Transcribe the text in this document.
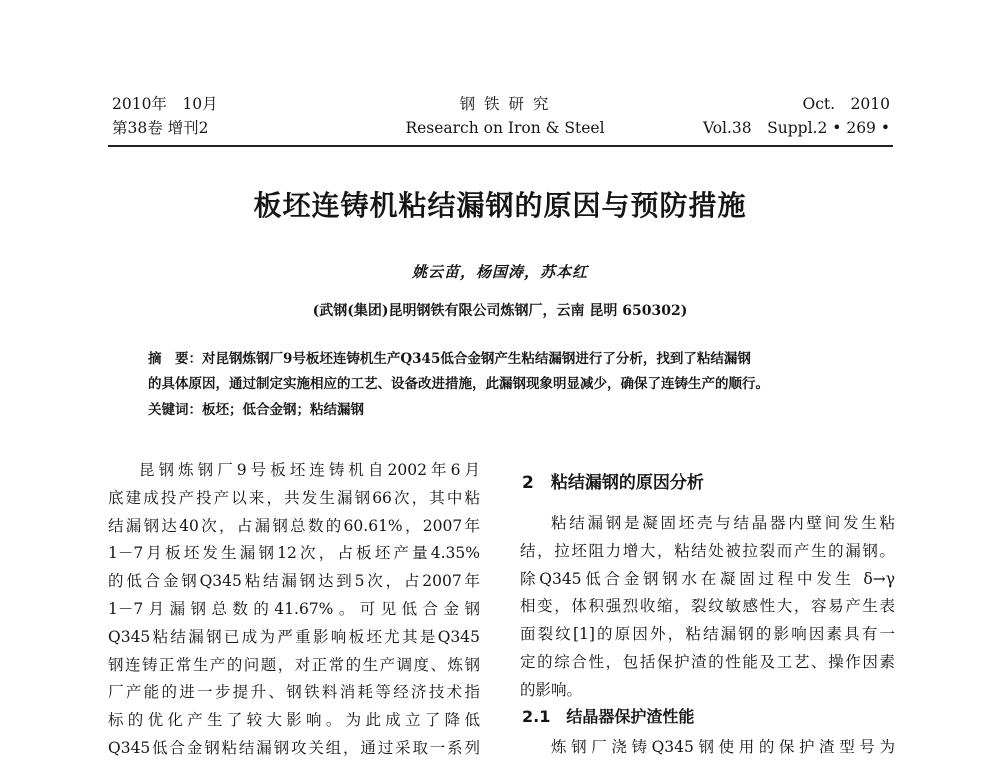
2010年　10月
第38卷 增刊2
钢 铁 研 究
Research on Iron & Steel
Oct.　2010
Vol.38　Suppl.2 • 269 •
板坯连铸机粘结漏钢的原因与预防措施
姚云苗，杨国涛，苏本红
(武钢(集团)昆明钢铁有限公司炼钢厂，云南 昆明 650302)
摘　要：对昆钢炼钢厂9号板坯连铸机生产Q345低合金钢产生粘结漏钢进行了分析，找到了粘结漏钢
的具体原因，通过制定实施相应的工艺、设备改进措施，此漏钢现象明显减少，确保了连铸生产的顺行。
关键词：板坯；低合金钢；粘结漏钢
昆钢炼钢厂9号板坯连铸机自2002年6月
底建成投产投产以来，共发生漏钢66次，其中粘
结漏钢达40次，占漏钢总数的60.61%，2007年
1－7月板坯发生漏钢12次，占板坯产量4.35%
的低合金钢Q345粘结漏钢达到5次，占2007年
1－7月漏钢总数的41.67%。可见低合金钢
Q345粘结漏钢已成为严重影响板坯尤其是Q345
钢连铸正常生产的问题，对正常的生产调度、炼钢
厂产能的进一步提升、钢铁料消耗等经济技术指
标的优化产生了较大影响。为此成立了降低
Q345低合金钢粘结漏钢攻关组，通过采取一系列
2　粘结漏钢的原因分析
粘结漏钢是凝固坯壳与结晶器内壁间发生粘
结，拉坯阻力增大，粘结处被拉裂而产生的漏钢。
除Q345低合金钢钢水在凝固过程中发生 δ→γ
相变，体积强烈收缩，裂纹敏感性大，容易产生表
面裂纹[1]的原因外，粘结漏钢的影响因素具有一
定的综合性，包括保护渣的性能及工艺、操作因素
的影响。
2.1　结晶器保护渣性能
炼钢厂浇铸Q345钢使用的保护渣型号为
